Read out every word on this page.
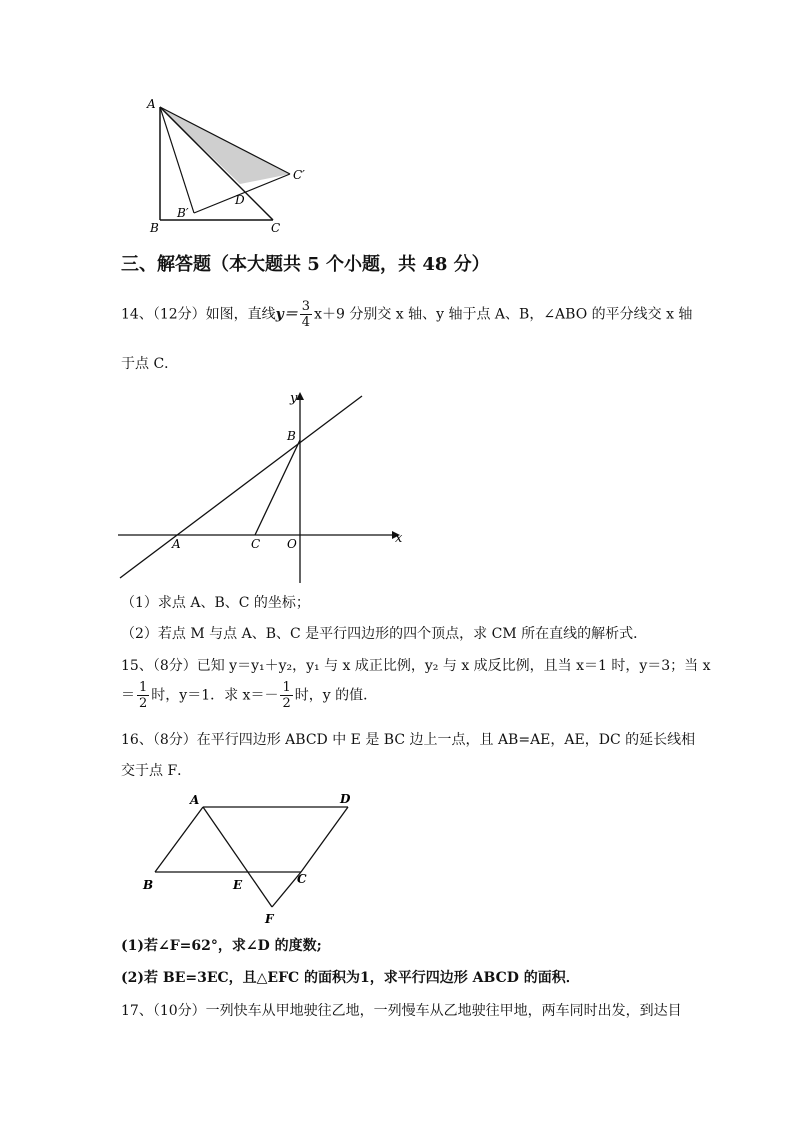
A
B	C
C′
B′
D
三、解答题（本大题共 5 个小题，共 48 分）
14、（12分）如图，直线$y= \frac{3}{4} x+9$ 分别交 x 轴、y 轴于点 A、B，∠ABO 的平分线交 x 轴
于点 C．
y
x
B
A	C O
（1）求点 A、B、C 的坐标；
（2）若点 M 与点 A、B、C 是平行四边形的四个顶点，求 CM 所在直线的解析式．
15、（8分）已知 y＝y₁＋y₂，y₁ 与 x 成正比例，y₂ 与 x 成反比例，且当 x＝1 时，y＝3；当 x
＝ $\frac{1}{2}$ 时，y＝1．求 $x=- \frac{1}{2}$ 时，y 的值．
16、（8分）在平行四边形 ABCD 中 E 是 BC 边上一点，且 AB=AE，AE，DC 的延长线相
交于点 F．
A	D
B	E	C
F
(1)若∠F=62°，求∠D 的度数;
(2)若 BE=3EC，且△EFC 的面积为1，求平行四边形 ABCD 的面积．
17、（10分）一列快车从甲地驶往乙地，一列慢车从乙地驶往甲地，两车同时出发，到达目
